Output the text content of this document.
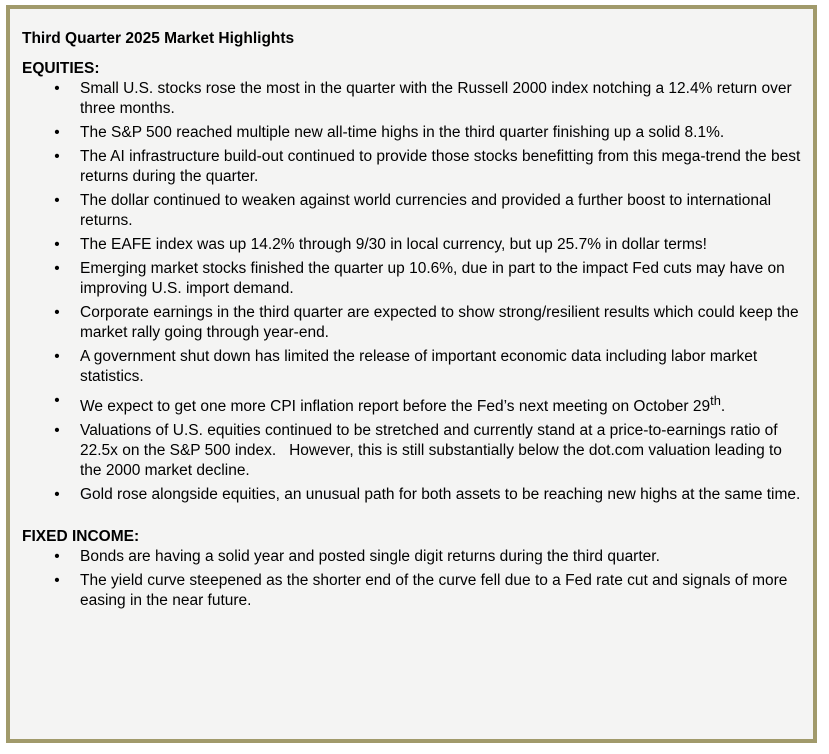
Third Quarter 2025 Market Highlights
EQUITIES:
• Small U.S. stocks rose the most in the quarter with the Russell 2000 index notching a 12.4% return over three months.
• The S&P 500 reached multiple new all-time highs in the third quarter finishing up a solid 8.1%.
• The AI infrastructure build-out continued to provide those stocks benefitting from this mega-trend the best returns during the quarter.
• The dollar continued to weaken against world currencies and provided a further boost to international returns.
• The EAFE index was up 14.2% through 9/30 in local currency, but up 25.7% in dollar terms!
• Emerging market stocks finished the quarter up 10.6%, due in part to the impact Fed cuts may have on improving U.S. import demand.
• Corporate earnings in the third quarter are expected to show strong/resilient results which could keep the market rally going through year-end.
• A government shut down has limited the release of important economic data including labor market statistics.
• We expect to get one more CPI inflation report before the Fed’s next meeting on October 29th.
• Valuations of U.S. equities continued to be stretched and currently stand at a price-to-earnings ratio of 22.5x on the S&P 500 index.   However, this is still substantially below the dot.com valuation leading to the 2000 market decline.
• Gold rose alongside equities, an unusual path for both assets to be reaching new highs at the same time.
FIXED INCOME:
• Bonds are having a solid year and posted single digit returns during the third quarter.
• The yield curve steepened as the shorter end of the curve fell due to a Fed rate cut and signals of more easing in the near future.
